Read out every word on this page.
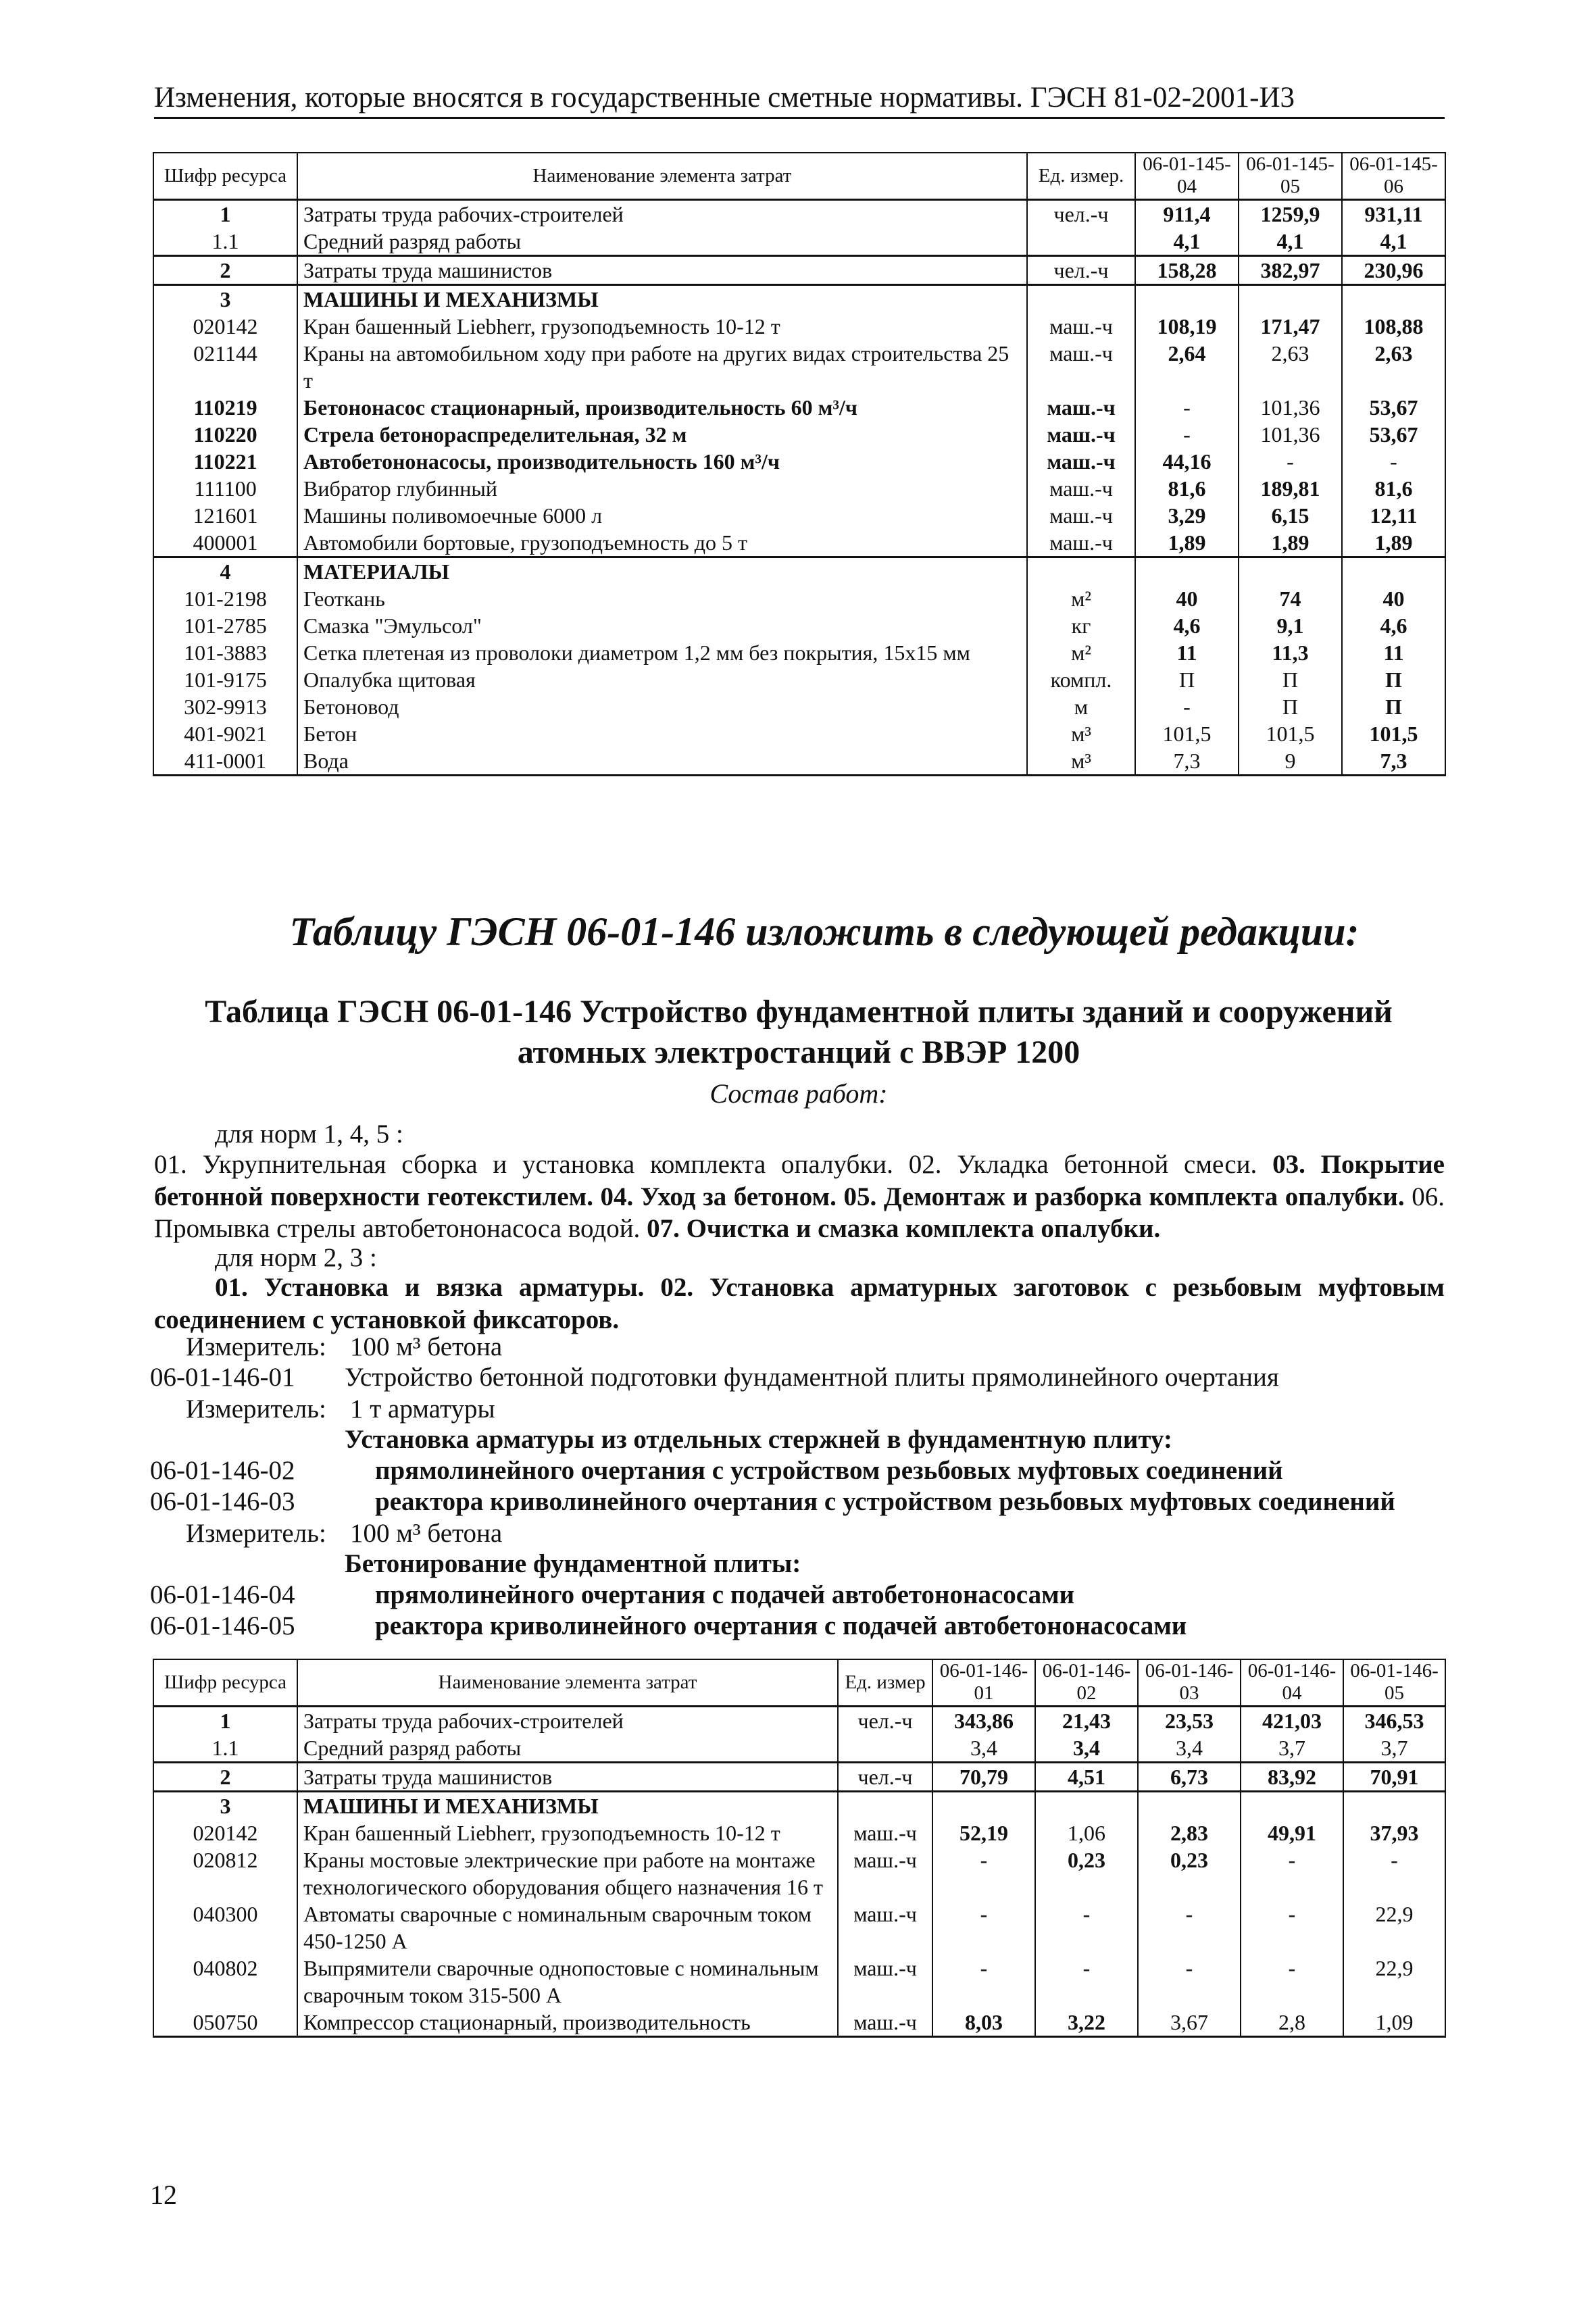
Изменения, которые вносятся в государственные сметные нормативы. ГЭСН 81-02-2001-И3
Шифр ресурса	Наименование элемента затрат	Ед. измер.	06-01-145-04	06-01-145-05	06-01-145-06
1	Затраты труда рабочих-строителей	чел.-ч	911,4	1259,9	931,11
1.1	Средний разряд работы		4,1	4,1	4,1
2	Затраты труда машинистов	чел.-ч	158,28	382,97	230,96
3	МАШИНЫ И МЕХАНИЗМЫ				
020142	Кран башенный Liebherr, грузоподъемность 10-12 т	маш.-ч	108,19	171,47	108,88
021144	Краны на автомобильном ходу при работе на других видах строительства 25 т	маш.-ч	2,64	2,63	2,63
110219	Бетононасос стационарный, производительность 60 м³/ч	маш.-ч	-	101,36	53,67
110220	Стрела бетонораспределительная, 32 м	маш.-ч	-	101,36	53,67
110221	Автобетононасосы, производительность 160 м³/ч	маш.-ч	44,16	-	-
111100	Вибратор глубинный	маш.-ч	81,6	189,81	81,6
121601	Машины поливомоечные 6000 л	маш.-ч	3,29	6,15	12,11
400001	Автомобили бортовые, грузоподъемность до 5 т	маш.-ч	1,89	1,89	1,89
4	МАТЕРИАЛЫ				
101-2198	Геоткань	м²	40	74	40
101-2785	Смазка "Эмульсол"	кг	4,6	9,1	4,6
101-3883	Сетка плетеная из проволоки диаметром 1,2 мм без покрытия, 15x15 мм	м²	11	11,3	11
101-9175	Опалубка щитовая	компл.	П	П	П
302-9913	Бетоновод	м	-	П	П
401-9021	Бетон	м³	101,5	101,5	101,5
411-0001	Вода	м³	7,3	9	7,3
Таблицу ГЭСН 06-01-146 изложить в следующей редакции:
Таблица ГЭСН 06-01-146 Устройство фундаментной плиты зданий и сооружений атомных электростанций с ВВЭР 1200
Состав работ:
для норм 1, 4, 5 :
01. Укрупнительная сборка и установка комплекта опалубки. 02. Укладка бетонной смеси. 03. Покрытие бетонной поверхности геотекстилем. 04. Уход за бетоном. 05. Демонтаж и разборка комплекта опалубки. 06. Промывка стрелы автобетононасоса водой. 07. Очистка и смазка комплекта опалубки.
для норм 2, 3 :
01. Установка и вязка арматуры. 02. Установка арматурных заготовок с резьбовым муфтовым соединением с установкой фиксаторов.
Измеритель: 100 м³ бетона
06-01-146-01 Устройство бетонной подготовки фундаментной плиты прямолинейного очертания
Измеритель: 1 т арматуры
Установка арматуры из отдельных стержней в фундаментную плиту:
06-01-146-02	прямолинейного очертания с устройством резьбовых муфтовых соединений
06-01-146-03	реактора криволинейного очертания с устройством резьбовых муфтовых соединений
Измеритель: 100 м³ бетона
Бетонирование фундаментной плиты:
06-01-146-04	прямолинейного очертания с подачей автобетононасосами
06-01-146-05	реактора криволинейного очертания с подачей автобетононасосами
Шифр ресурса	Наименование элемента затрат	Ед. измер	06-01-146-01	06-01-146-02	06-01-146-03	06-01-146-04	06-01-146-05
1	Затраты труда рабочих-строителей	чел.-ч	343,86	21,43	23,53	421,03	346,53
1.1	Средний разряд работы		3,4	3,4	3,4	3,7	3,7
2	Затраты труда машинистов	чел.-ч	70,79	4,51	6,73	83,92	70,91
3	МАШИНЫ И МЕХАНИЗМЫ						
020142	Кран башенный Liebherr, грузоподъемность 10-12 т	маш.-ч	52,19	1,06	2,83	49,91	37,93
020812	Краны мостовые электрические при работе на монтаже технологического оборудования общего назначения 16 т	маш.-ч	-	0,23	0,23	-	-
040300	Автоматы сварочные с номинальным сварочным током 450-1250 А	маш.-ч	-	-	-	-	22,9
040802	Выпрямители сварочные однопостовые с номинальным сварочным током 315-500 А	маш.-ч	-	-	-	-	22,9
050750	Компрессор стационарный, производительность	маш.-ч	8,03	3,22	3,67	2,8	1,09
12
